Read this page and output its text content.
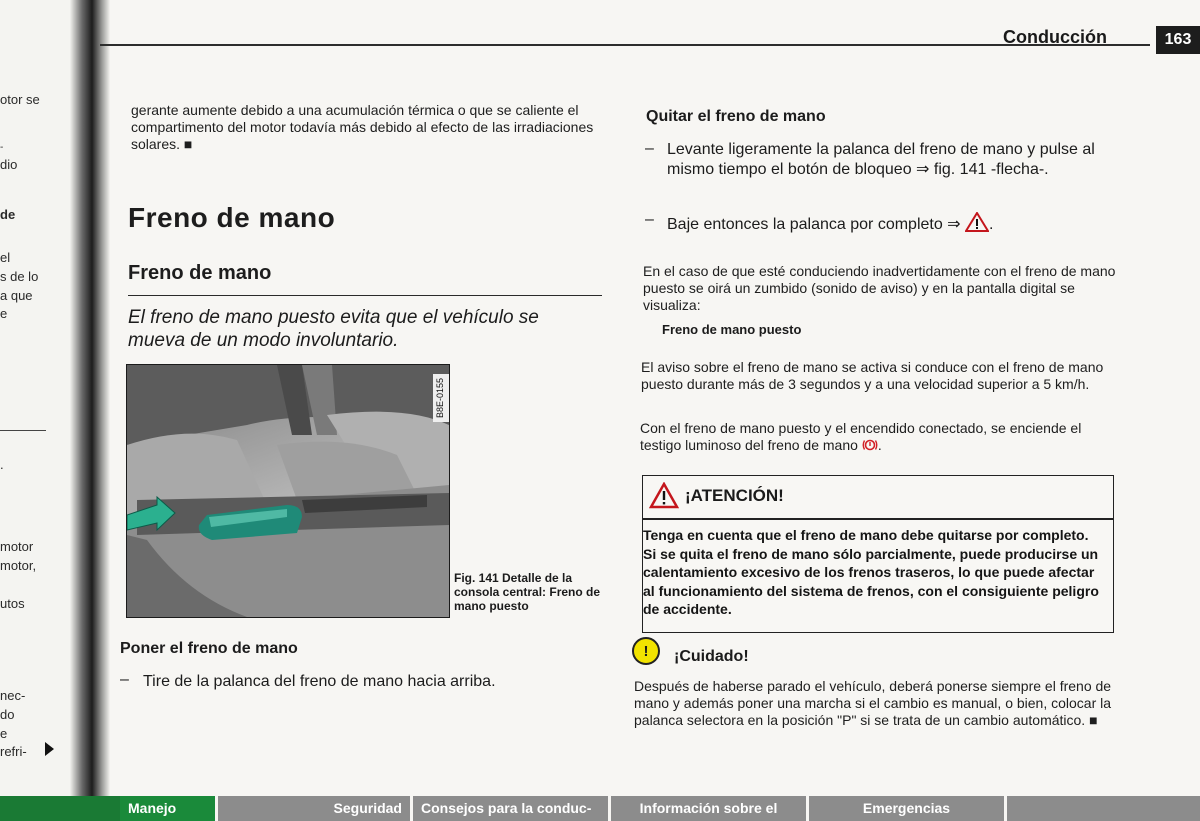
otor se
-
dio
de
el
s de lo
a que
e
.
motor
motor,
utos
nec-
do
e
refri-
Conducción	163
gerante aumente debido a una acumulación térmica o que se caliente el compartimento del motor todavía más debido al efecto de las irradiaciones solares. ■
Freno de mano
Freno de mano
El freno de mano puesto evita que el vehículo se mueva de un modo involuntario.
B8E-0155
Fig. 141 Detalle de la consola central: Freno de mano puesto
Poner el freno de mano
– Tire de la palanca del freno de mano hacia arriba.
Quitar el freno de mano
– Levante ligeramente la palanca del freno de mano y pulse al mismo tiempo el botón de bloqueo ⇒ fig. 141 -flecha-.
– Baje entonces la palanca por completo ⇒ .
En el caso de que esté conduciendo inadvertidamente con el freno de mano puesto se oirá un zumbido (sonido de aviso) y en la pantalla digital se visualiza:
Freno de mano puesto
El aviso sobre el freno de mano se activa si conduce con el freno de mano puesto durante más de 3 segundos y a una velocidad superior a 5 km/h.
Con el freno de mano puesto y el encendido conectado, se enciende el testigo luminoso del freno de mano .
¡ATENCIÓN!
Tenga en cuenta que el freno de mano debe quitarse por completo. Si se quita el freno de mano sólo parcialmente, puede producirse un calentamiento excesivo de los frenos traseros, lo que puede afectar al funcionamiento del sistema de frenos, con el consiguiente peligro de accidente.
!	¡Cuidado!
Después de haberse parado el vehículo, deberá ponerse siempre el freno de mano y además poner una marcha si el cambio es manual, o bien, colocar la palanca selectora en la posición "P" si se trata de un cambio automático. ■
Manejo	Seguridad	Consejos para la conduc-	Información sobre el	Emergencias
